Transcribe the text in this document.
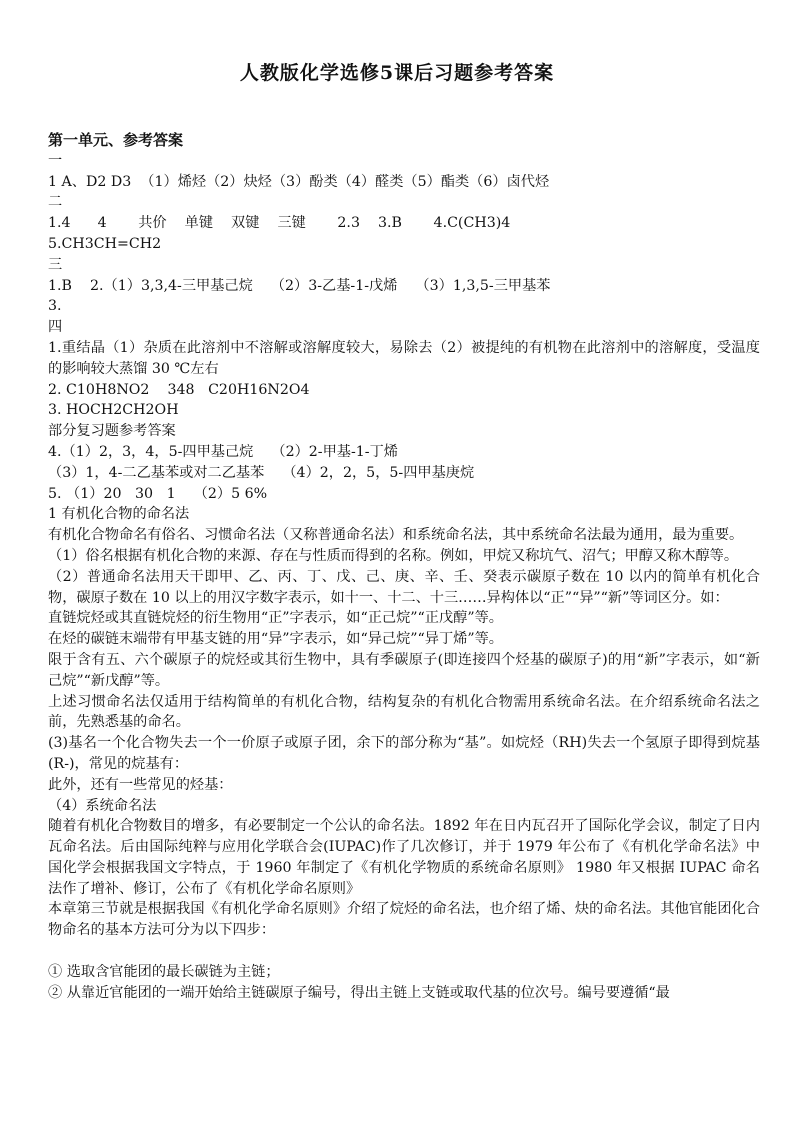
人教版化学选修5课后习题参考答案
第一单元、参考答案
一
1 A、D2 D3  （1）烯烃（2）炔烃（3）酚类（4）醛类（5）酯类（6）卤代烃
二
1.4      4       共价    单键    双键    三键       2.3    3.B       4.C(CH3)4
5.CH3CH=CH2
三
1.B    2.（1）3,3,4-三甲基己烷    （2）3-乙基-1-戊烯    （3）1,3,5-三甲基苯
3.
四
1.重结晶（1）杂质在此溶剂中不溶解或溶解度较大，易除去（2）被提纯的有机物在此溶剂中的溶解度，受温度的影响较大蒸馏 30 ℃左右
2. C10H8NO2    348   C20H16N2O4
3. HOCH2CH2OH
部分复习题参考答案
4.（1）2，3，4，5-四甲基己烷    （2）2-甲基-1-丁烯
（3）1，4-二乙基苯或对二乙基苯    （4）2，2，5，5-四甲基庚烷
5. （1）20   30   1    （2）5 6%
1 有机化合物的命名法
有机化合物命名有俗名、习惯命名法（又称普通命名法）和系统命名法，其中系统命名法最为通用，最为重要。
（1）俗名根据有机化合物的来源、存在与性质而得到的名称。例如，甲烷又称坑气、沼气；甲醇又称木醇等。
（2）普通命名法用天干即甲、乙、丙、丁、戊、己、庚、辛、壬、癸表示碳原子数在 10 以内的简单有机化合物，碳原子数在 10 以上的用汉字数字表示，如十一、十二、十三……异构体以“正”“异”“新”等词区分。如：
直链烷烃或其直链烷烃的衍生物用“正”字表示，如“正己烷”“正戊醇”等。
在烃的碳链末端带有甲基支链的用“异”字表示，如“异己烷”“异丁烯”等。
限于含有五、六个碳原子的烷烃或其衍生物中，具有季碳原子(即连接四个烃基的碳原子)的用“新”字表示，如“新己烷”“新戊醇”等。
上述习惯命名法仅适用于结构简单的有机化合物，结构复杂的有机化合物需用系统命名法。在介绍系统命名法之前，先熟悉基的命名。
(3)基名一个化合物失去一个一价原子或原子团，余下的部分称为“基”。如烷烃（RH)失去一个氢原子即得到烷基(R-)，常见的烷基有：
此外，还有一些常见的烃基：
（4）系统命名法
随着有机化合物数目的增多，有必要制定一个公认的命名法。1892 年在日内瓦召开了国际化学会议，制定了日内瓦命名法。后由国际纯粹与应用化学联合会(IUPAC)作了几次修订，并于 1979 年公布了《有机化学命名法》中国化学会根据我国文字特点，于 1960 年制定了《有机化学物质的系统命名原则》 1980 年又根据 IUPAC 命名法作了增补、修订，公布了《有机化学命名原则》
本章第三节就是根据我国《有机化学命名原则》介绍了烷烃的命名法，也介绍了烯、炔的命名法。其他官能团化合物命名的基本方法可分为以下四步：
① 选取含官能团的最长碳链为主链；
② 从靠近官能团的一端开始给主链碳原子编号，得出主链上支链或取代基的位次号。编号要遵循“最
